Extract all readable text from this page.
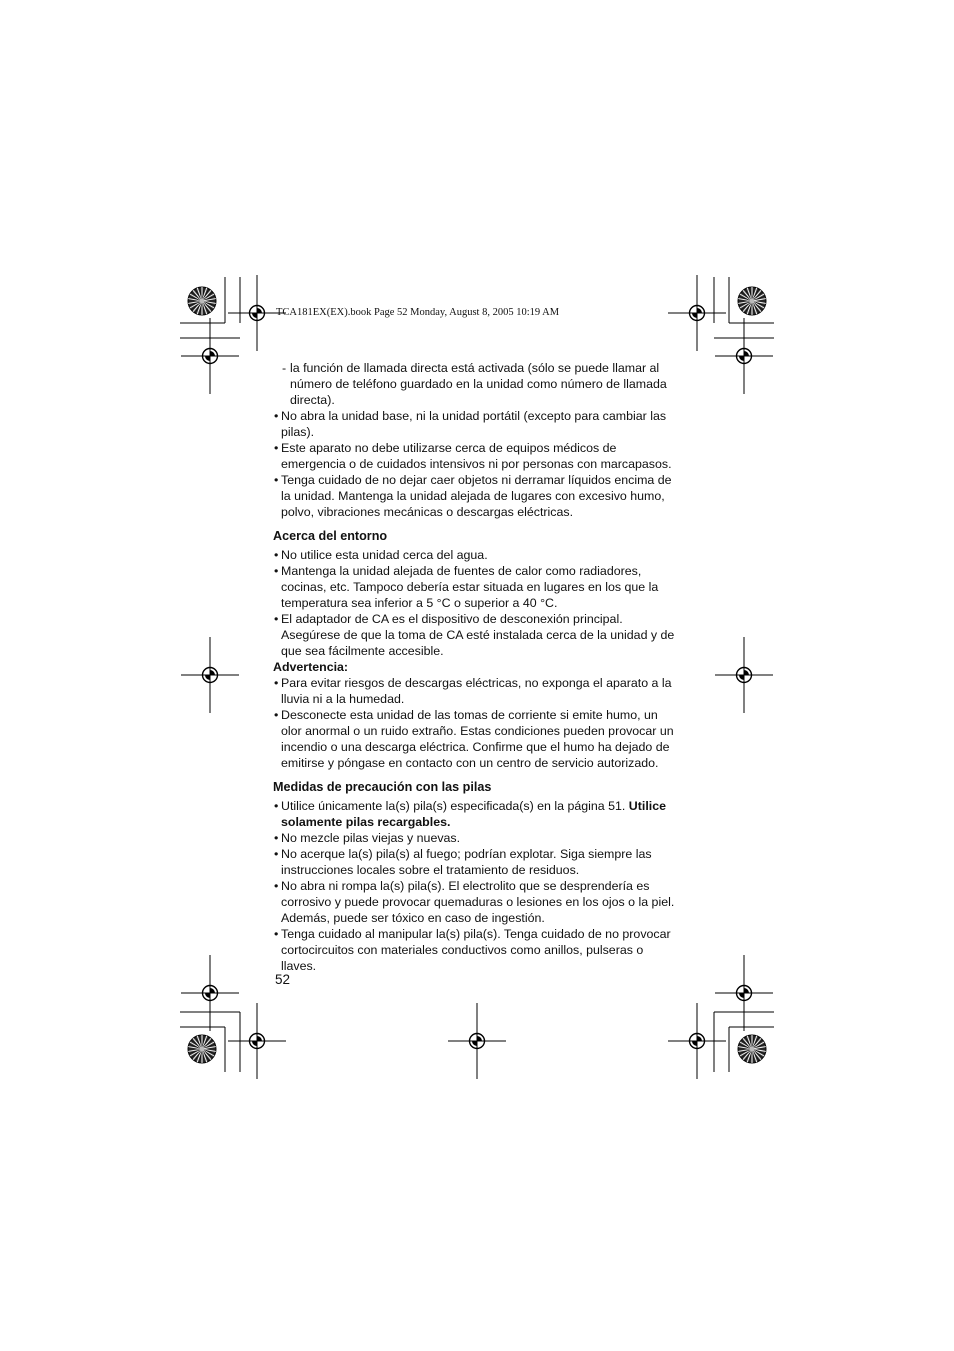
TCA181EX(EX).book Page 52 Monday, August 8, 2005 10:19 AM

- la función de llamada directa está activada (sólo se puede llamar al número de teléfono guardado en la unidad como número de llamada directa).

• No abra la unidad base, ni la unidad portátil (excepto para cambiar las pilas).

• Este aparato no debe utilizarse cerca de equipos médicos de emergencia o de cuidados intensivos ni por personas con marcapasos.

• Tenga cuidado de no dejar caer objetos ni derramar líquidos encima de la unidad. Mantenga la unidad alejada de lugares con excesivo humo, polvo, vibraciones mecánicas o descargas eléctricas.

Acerca del entorno

• No utilice esta unidad cerca del agua.

• Mantenga la unidad alejada de fuentes de calor como radiadores, cocinas, etc. Tampoco debería estar situada en lugares en los que la temperatura sea inferior a 5 °C o superior a 40 °C.

• El adaptador de CA es el dispositivo de desconexión principal. Asegúrese de que la toma de CA esté instalada cerca de la unidad y de que sea fácilmente accesible.

Advertencia:

• Para evitar riesgos de descargas eléctricas, no exponga el aparato a la lluvia ni a la humedad.

• Desconecte esta unidad de las tomas de corriente si emite humo, un olor anormal o un ruido extraño. Estas condiciones pueden provocar un incendio o una descarga eléctrica. Confirme que el humo ha dejado de emitirse y póngase en contacto con un centro de servicio autorizado.

Medidas de precaución con las pilas

• Utilice únicamente la(s) pila(s) especificada(s) en la página 51. Utilice solamente pilas recargables.

• No mezcle pilas viejas y nuevas.

• No acerque la(s) pila(s) al fuego; podrían explotar. Siga siempre las instrucciones locales sobre el tratamiento de residuos.

• No abra ni rompa la(s) pila(s). El electrolito que se desprendería es corrosivo y puede provocar quemaduras o lesiones en los ojos o la piel. Además, puede ser tóxico en caso de ingestión.

• Tenga cuidado al manipular la(s) pila(s). Tenga cuidado de no provocar cortocircuitos con materiales conductivos como anillos, pulseras o llaves.

52
